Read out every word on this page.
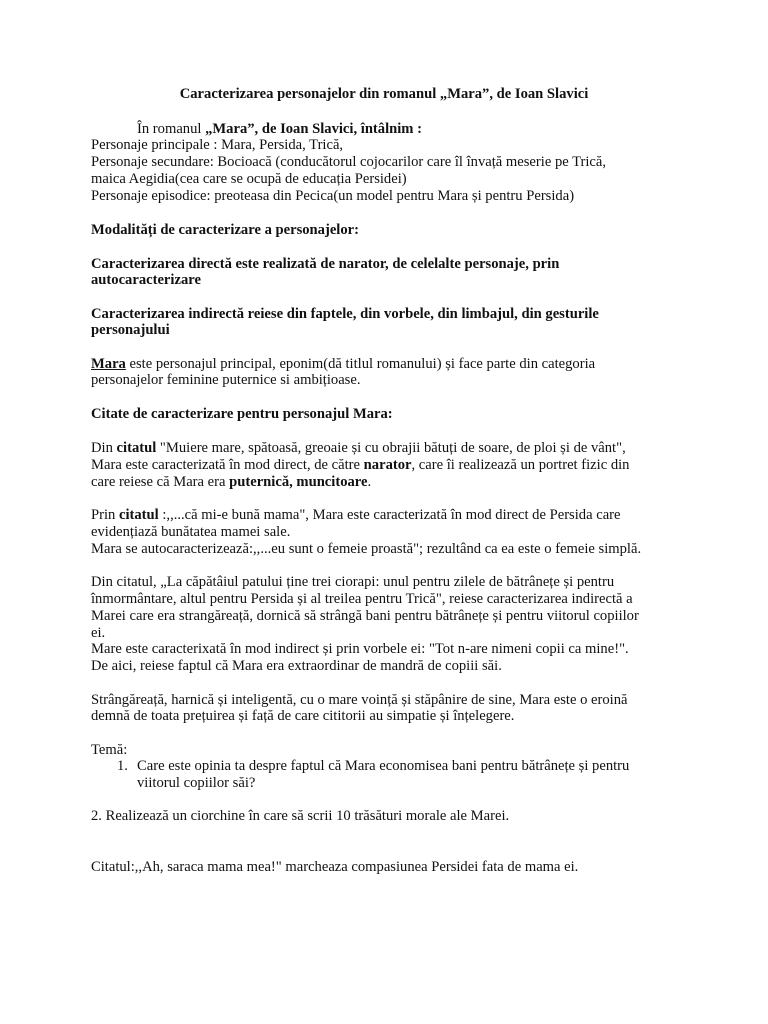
Caracterizarea personajelor din romanul „Mara”, de Ioan Slavici
În romanul „Mara”, de Ioan Slavici, întâlnim :
Personaje principale : Mara, Persida, Trică,
Personaje secundare: Bocioacă (conducătorul cojocarilor care îl învață meserie pe Trică,
maica Aegidia(cea care se ocupă de educația Persidei)
Personaje episodice: preoteasa din Pecica(un model pentru Mara și pentru Persida)
Modalități de caracterizare a personajelor:
Caracterizarea directă este realizată de narator, de celelalte personaje, prin
autocaracterizare
Caracterizarea indirectă reiese din faptele, din vorbele, din limbajul, din gesturile
personajului
Mara este personajul principal, eponim(dă titlul romanului) și face parte din categoria
personajelor feminine puternice si ambițioase.
Citate de caracterizare pentru personajul Mara:
Din citatul "Muiere mare, spătoasă, greoaie și cu obrajii bătuți de soare, de ploi și de vânt",
Mara este caracterizată în mod direct, de către narator, care îi realizează un portret fizic din
care reiese că Mara era puternică, muncitoare.
Prin citatul :,,...că mi-e bună mama", Mara este caracterizată în mod direct de Persida care
evidențiază bunătatea mamei sale.
Mara se autocaracterizează:,,...eu sunt o femeie proastă"; rezultând ca ea este o femeie simplă.
Din citatul, „La căpătâiul patului ține trei ciorapi: unul pentru zilele de bătrânețe și pentru
înmormântare, altul pentru Persida și al treilea pentru Trică", reiese caracterizarea indirectă a
Marei care era strangăreață, dornică să strângă bani pentru bătrânețe și pentru viitorul copiilor
ei.
Mare este caracterixată în mod indirect și prin vorbele ei: "Tot n-are nimeni copii ca mine!".
De aici, reiese faptul că Mara era extraordinar de mandră de copiii săi.
Strângăreață, harnică și inteligentă, cu o mare voință și stăpânire de sine, Mara este o eroină
demnă de toata prețuirea și față de care cititorii au simpatie și înțelegere.
Temă:
1. Care este opinia ta despre faptul că Mara economisea bani pentru bătrânețe și pentru
viitorul copiilor săi?
2. Realizează un ciorchine în care să scrii 10 trăsături morale ale Marei.
Citatul:,,Ah, saraca mama mea!" marcheaza compasiunea Persidei fata de mama ei.
